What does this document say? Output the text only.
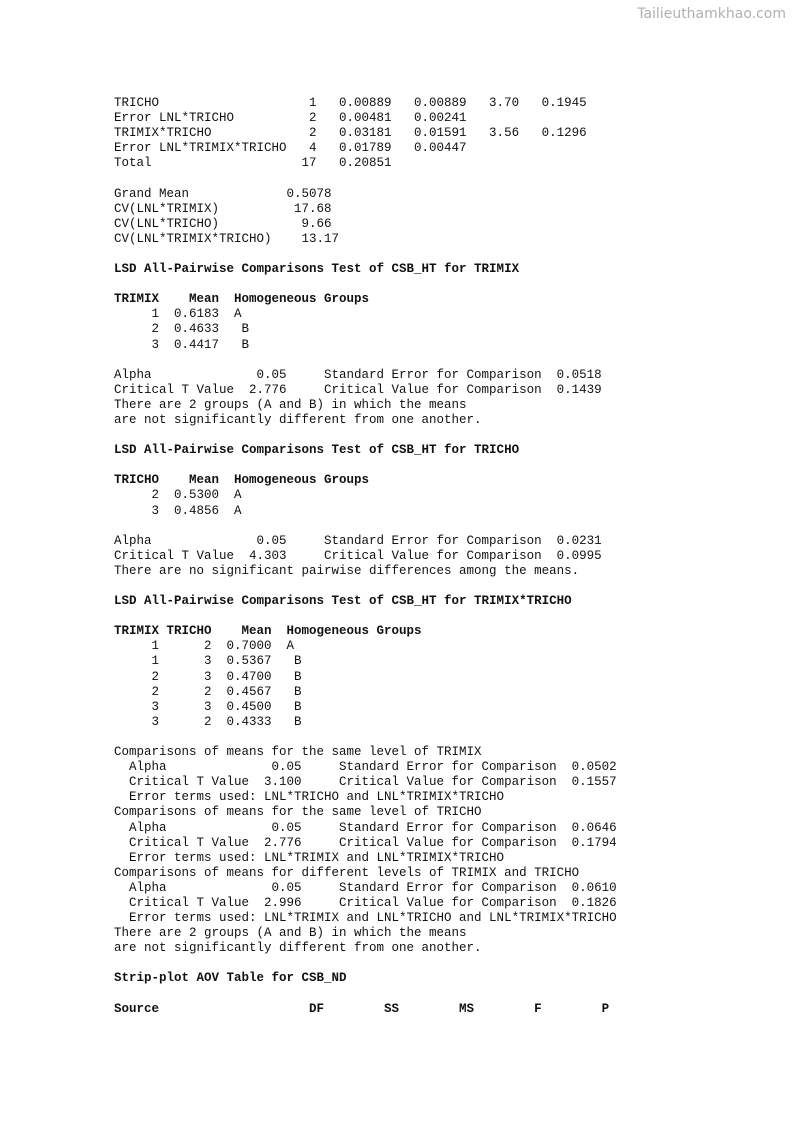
Tailieuthamkhao.com
TRICHO                    1   0.00889   0.00889   3.70   0.1945
Error LNL*TRICHO          2   0.00481   0.00241
TRIMIX*TRICHO             2   0.03181   0.01591   3.56   0.1296
Error LNL*TRIMIX*TRICHO   4   0.01789   0.00447
Total                    17   0.20851
Grand Mean             0.5078
CV(LNL*TRIMIX)          17.68
CV(LNL*TRICHO)           9.66
CV(LNL*TRIMIX*TRICHO)    13.17
LSD All-Pairwise Comparisons Test of CSB_HT for TRIMIX
TRIMIX    Mean  Homogeneous Groups
1  0.6183  A
2  0.4633   B
3  0.4417   B
Alpha              0.05     Standard Error for Comparison  0.0518
Critical T Value  2.776     Critical Value for Comparison  0.1439
There are 2 groups (A and B) in which the means
are not significantly different from one another.
LSD All-Pairwise Comparisons Test of CSB_HT for TRICHO
TRICHO    Mean  Homogeneous Groups
2  0.5300  A
3  0.4856  A
Alpha              0.05     Standard Error for Comparison  0.0231
Critical T Value  4.303     Critical Value for Comparison  0.0995
There are no significant pairwise differences among the means.
LSD All-Pairwise Comparisons Test of CSB_HT for TRIMIX*TRICHO
TRIMIX TRICHO    Mean  Homogeneous Groups
1      2  0.7000  A
1      3  0.5367   B
2      3  0.4700   B
2      2  0.4567   B
3      3  0.4500   B
3      2  0.4333   B
Comparisons of means for the same level of TRIMIX
Alpha              0.05     Standard Error for Comparison  0.0502
Critical T Value  3.100     Critical Value for Comparison  0.1557
Error terms used: LNL*TRICHO and LNL*TRIMIX*TRICHO
Comparisons of means for the same level of TRICHO
Alpha              0.05     Standard Error for Comparison  0.0646
Critical T Value  2.776     Critical Value for Comparison  0.1794
Error terms used: LNL*TRIMIX and LNL*TRIMIX*TRICHO
Comparisons of means for different levels of TRIMIX and TRICHO
Alpha              0.05     Standard Error for Comparison  0.0610
Critical T Value  2.996     Critical Value for Comparison  0.1826
Error terms used: LNL*TRIMIX and LNL*TRICHO and LNL*TRIMIX*TRICHO
There are 2 groups (A and B) in which the means
are not significantly different from one another.
Strip-plot AOV Table for CSB_ND
Source                    DF        SS        MS        F        P
